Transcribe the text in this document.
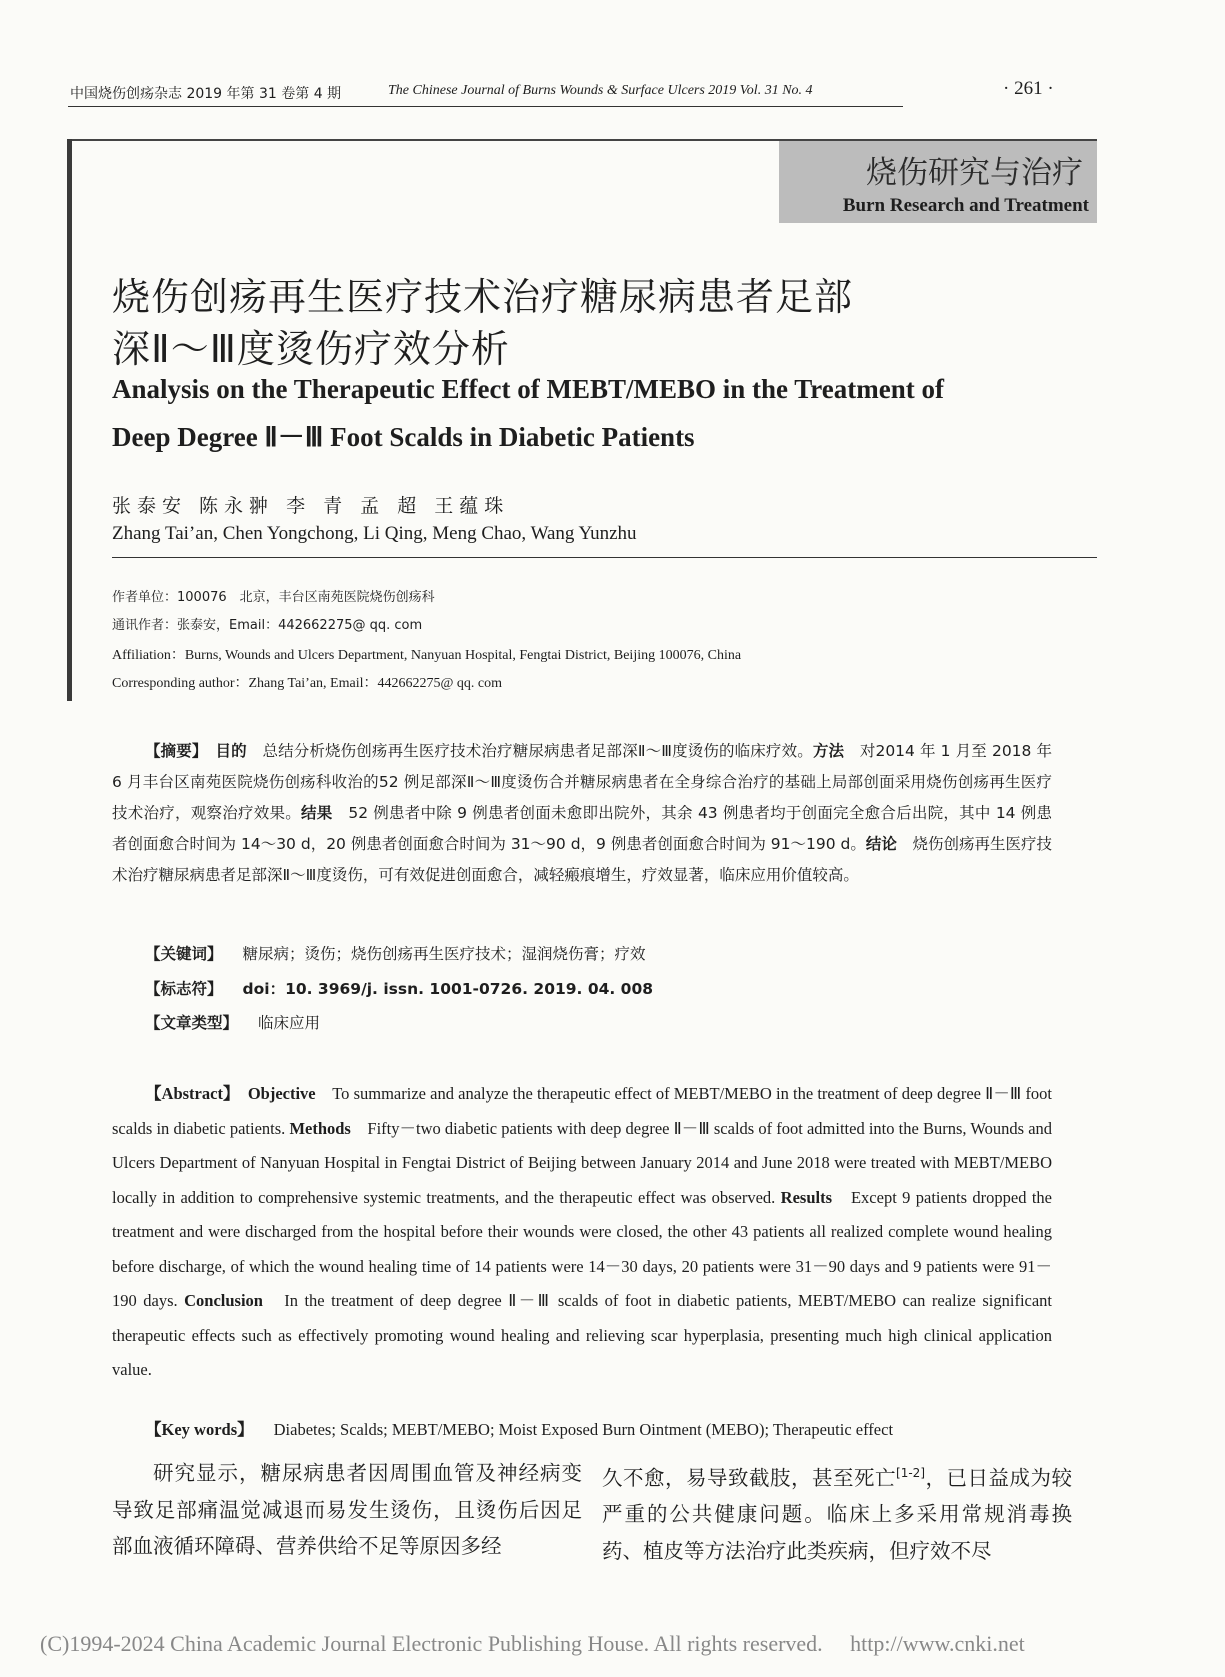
中国烧伤创疡杂志 2019 年第 31 卷第 4 期	The Chinese Journal of Burns Wounds & Surface Ulcers 2019 Vol. 31 No. 4	· 261 ·
烧伤研究与治疗
Burn Research and Treatment
烧伤创疡再生医疗技术治疗糖尿病患者足部
深Ⅱ～Ⅲ度烫伤疗效分析
Analysis on the Therapeutic Effect of MEBT/MEBO in the Treatment of
Deep Degree Ⅱ－Ⅲ Foot Scalds in Diabetic Patients
张泰安 陈永翀 李 青 孟 超 王蕴珠
Zhang Tai’an, Chen Yongchong, Li Qing, Meng Chao, Wang Yunzhu
作者单位：100076　北京，丰台区南苑医院烧伤创疡科
通讯作者：张泰安，Email：442662275@ qq. com
Affiliation：Burns, Wounds and Ulcers Department, Nanyuan Hospital, Fengtai District, Beijing 100076, China
Corresponding author：Zhang Tai’an, Email：442662275@ qq. com
【摘要】　 目的　 总结分析烧伤创疡再生医疗技术治疗糖尿病患者足部深Ⅱ～Ⅲ度烫伤的临床疗效。方法　 对2014 年 1 月至 2018 年 6 月丰台区南苑医院烧伤创疡科收治的52 例足部深Ⅱ～Ⅲ度烫伤合并糖尿病患者在全身综合治疗的基础上局部创面采用烧伤创疡再生医疗技术治疗，观察治疗效果。结果　 52 例患者中除 9 例患者创面未愈即出院外，其余 43 例患者均于创面完全愈合后出院，其中 14 例患者创面愈合时间为 14～30 d，20 例患者创面愈合时间为 31～90 d，9 例患者创面愈合时间为 91～190 d。结论　 烧伤创疡再生医疗技术治疗糖尿病患者足部深Ⅱ～Ⅲ度烫伤，可有效促进创面愈合，减轻瘢痕增生，疗效显著，临床应用价值较高。
【关键词】 糖尿病；烫伤；烧伤创疡再生医疗技术；湿润烧伤膏；疗效
【标志符】 doi：10. 3969/j. issn. 1001-0726. 2019. 04. 008
【文章类型】 临床应用
【Abstract】　 Objective　 To summarize and analyze the therapeutic effect of MEBT/MEBO in the treatment of deep degree Ⅱ－Ⅲ foot scalds in diabetic patients. Methods　 Fifty－two diabetic patients with deep degree Ⅱ－Ⅲ scalds of foot admitted into the Burns, Wounds and Ulcers Department of Nanyuan Hospital in Fengtai District of Beijing between January 2014 and June 2018 were treated with MEBT/MEBO locally in addition to comprehensive systemic treatments, and the therapeutic effect was observed. Results　 Except 9 patients dropped the treatment and were discharged from the hospital before their wounds were closed, the other 43 patients all realized complete wound healing before discharge, of which the wound healing time of 14 patients were 14－30 days, 20 patients were 31－90 days and 9 patients were 91－190 days. Conclusion　 In the treatment of deep degree Ⅱ－Ⅲ scalds of foot in diabetic patients, MEBT/MEBO can realize significant therapeutic effects such as effectively promoting wound healing and relieving scar hyperplasia, presenting much high clinical application value.
【Key words】 Diabetes; Scalds; MEBT/MEBO; Moist Exposed Burn Ointment (MEBO); Therapeutic effect
研究显示，糖尿病患者因周围血管及神经病变导致足部痛温觉减退而易发生烫伤，且烫伤后因足部血液循环障碍、营养供给不足等原因多经
久不愈，易导致截肢，甚至死亡[1-2]，已日益成为较严重的公共健康问题。临床上多采用常规消毒换药、植皮等方法治疗此类疾病，但疗效不尽
(C)1994-2024 China Academic Journal Electronic Publishing House. All rights reserved.　 http://www.cnki.net
